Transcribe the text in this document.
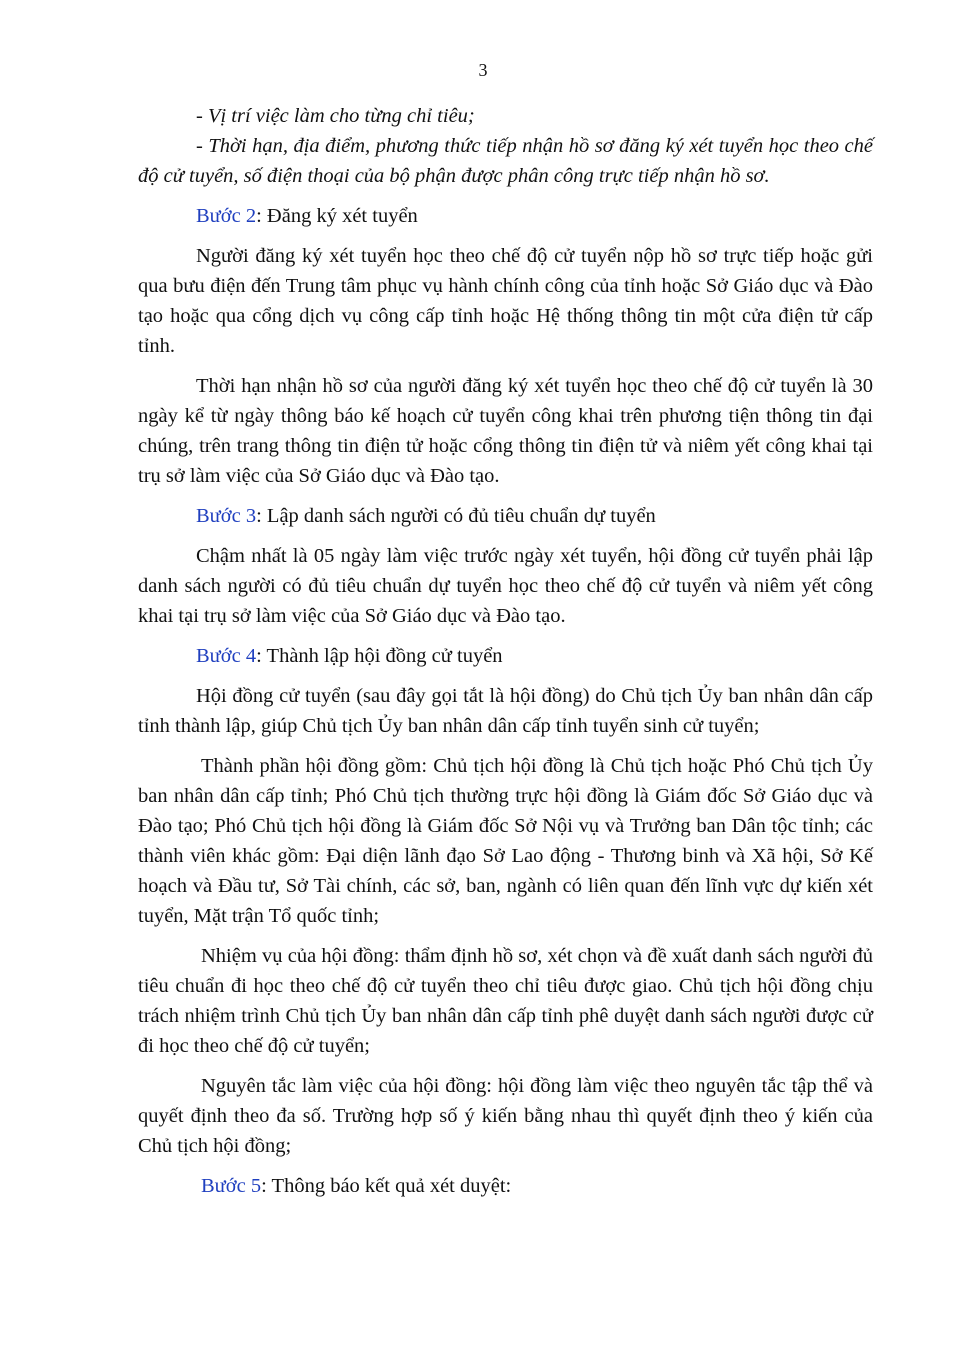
3

- Vị trí việc làm cho từng chỉ tiêu;

- Thời hạn, địa điểm, phương thức tiếp nhận hồ sơ đăng ký xét tuyển học theo chế độ cử tuyển, số điện thoại của bộ phận được phân công trực tiếp nhận hồ sơ.

Bước 2: Đăng ký xét tuyển

Người đăng ký xét tuyển học theo chế độ cử tuyển nộp hồ sơ trực tiếp hoặc gửi qua bưu điện đến Trung tâm phục vụ hành chính công của tỉnh hoặc Sở Giáo dục và Đào tạo hoặc qua cổng dịch vụ công cấp tỉnh hoặc Hệ thống thông tin một cửa điện tử cấp tỉnh.

Thời hạn nhận hồ sơ của người đăng ký xét tuyển học theo chế độ cử tuyển là 30 ngày kể từ ngày thông báo kế hoạch cử tuyển công khai trên phương tiện thông tin đại chúng, trên trang thông tin điện tử hoặc cổng thông tin điện tử và niêm yết công khai tại trụ sở làm việc của Sở Giáo dục và Đào tạo.

Bước 3: Lập danh sách người có đủ tiêu chuẩn dự tuyển

Chậm nhất là 05 ngày làm việc trước ngày xét tuyển, hội đồng cử tuyển phải lập danh sách người có đủ tiêu chuẩn dự tuyển học theo chế độ cử tuyển và niêm yết công khai tại trụ sở làm việc của Sở Giáo dục và Đào tạo.

Bước 4: Thành lập hội đồng cử tuyển

Hội đồng cử tuyển (sau đây gọi tắt là hội đồng) do Chủ tịch Ủy ban nhân dân cấp tỉnh thành lập, giúp Chủ tịch Ủy ban nhân dân cấp tỉnh tuyển sinh cử tuyển;

Thành phần hội đồng gồm: Chủ tịch hội đồng là Chủ tịch hoặc Phó Chủ tịch Ủy ban nhân dân cấp tỉnh; Phó Chủ tịch thường trực hội đồng là Giám đốc Sở Giáo dục và Đào tạo; Phó Chủ tịch hội đồng là Giám đốc Sở Nội vụ và Trưởng ban Dân tộc tỉnh; các thành viên khác gồm: Đại diện lãnh đạo Sở Lao động - Thương binh và Xã hội, Sở Kế hoạch và Đầu tư, Sở Tài chính, các sở, ban, ngành có liên quan đến lĩnh vực dự kiến xét tuyển, Mặt trận Tổ quốc tỉnh;

Nhiệm vụ của hội đồng: thẩm định hồ sơ, xét chọn và đề xuất danh sách người đủ tiêu chuẩn đi học theo chế độ cử tuyển theo chỉ tiêu được giao. Chủ tịch hội đồng chịu trách nhiệm trình Chủ tịch Ủy ban nhân dân cấp tỉnh phê duyệt danh sách người được cử đi học theo chế độ cử tuyển;

Nguyên tắc làm việc của hội đồng: hội đồng làm việc theo nguyên tắc tập thể và quyết định theo đa số. Trường hợp số ý kiến bằng nhau thì quyết định theo ý kiến của Chủ tịch hội đồng;

Bước 5: Thông báo kết quả xét duyệt:
